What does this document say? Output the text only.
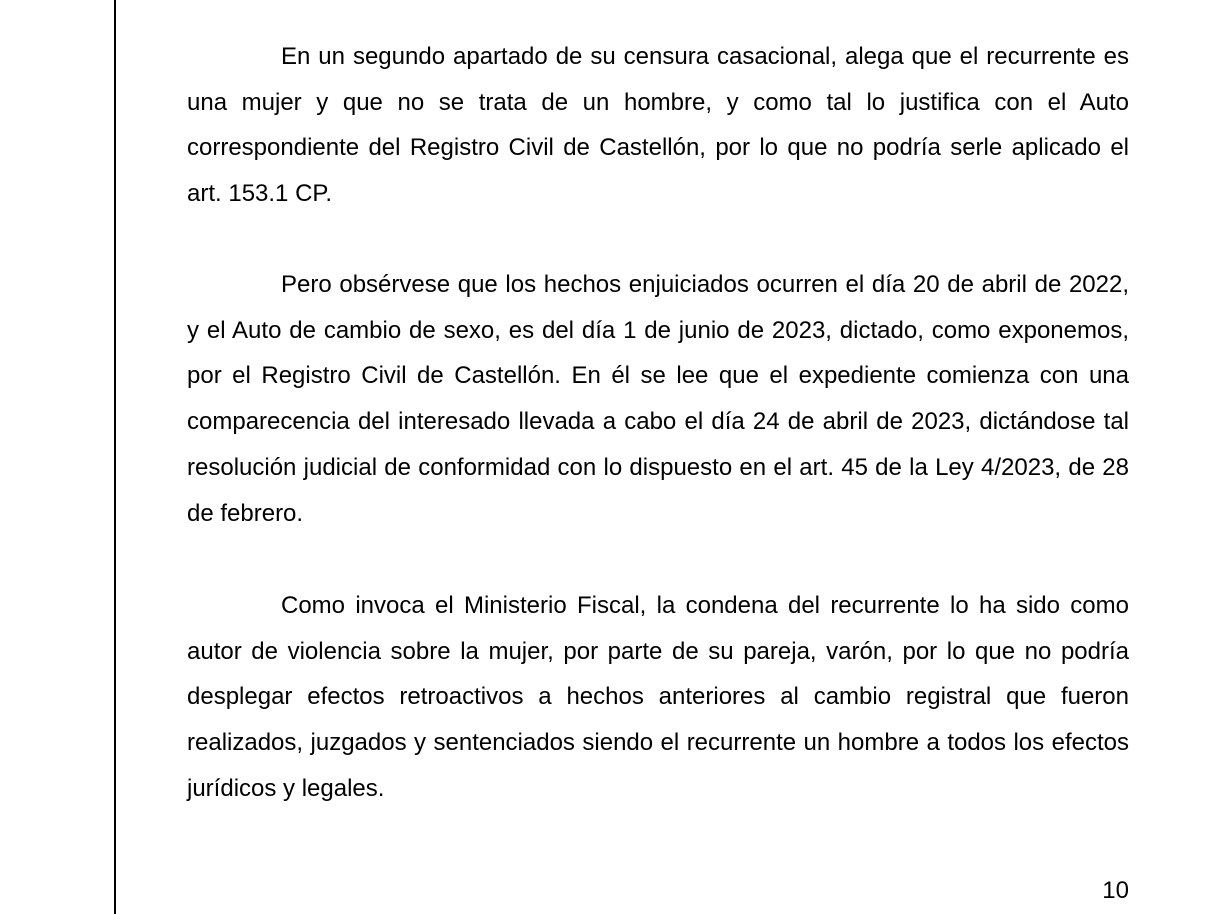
En un segundo apartado de su censura casacional, alega que el recurrente es una mujer y que no se trata de un hombre, y como tal lo justifica con el Auto correspondiente del Registro Civil de Castellón, por lo que no podría serle aplicado el art. 153.1 CP.

Pero obsérvese que los hechos enjuiciados ocurren el día 20 de abril de 2022, y el Auto de cambio de sexo, es del día 1 de junio de 2023, dictado, como exponemos, por el Registro Civil de Castellón. En él se lee que el expediente comienza con una comparecencia del interesado llevada a cabo el día 24 de abril de 2023, dictándose tal resolución judicial de conformidad con lo dispuesto en el art. 45 de la Ley 4/2023, de 28 de febrero.

Como invoca el Ministerio Fiscal, la condena del recurrente lo ha sido como autor de violencia sobre la mujer, por parte de su pareja, varón, por lo que no podría desplegar efectos retroactivos a hechos anteriores al cambio registral que fueron realizados, juzgados y sentenciados siendo el recurrente un hombre a todos los efectos jurídicos y legales.

10
